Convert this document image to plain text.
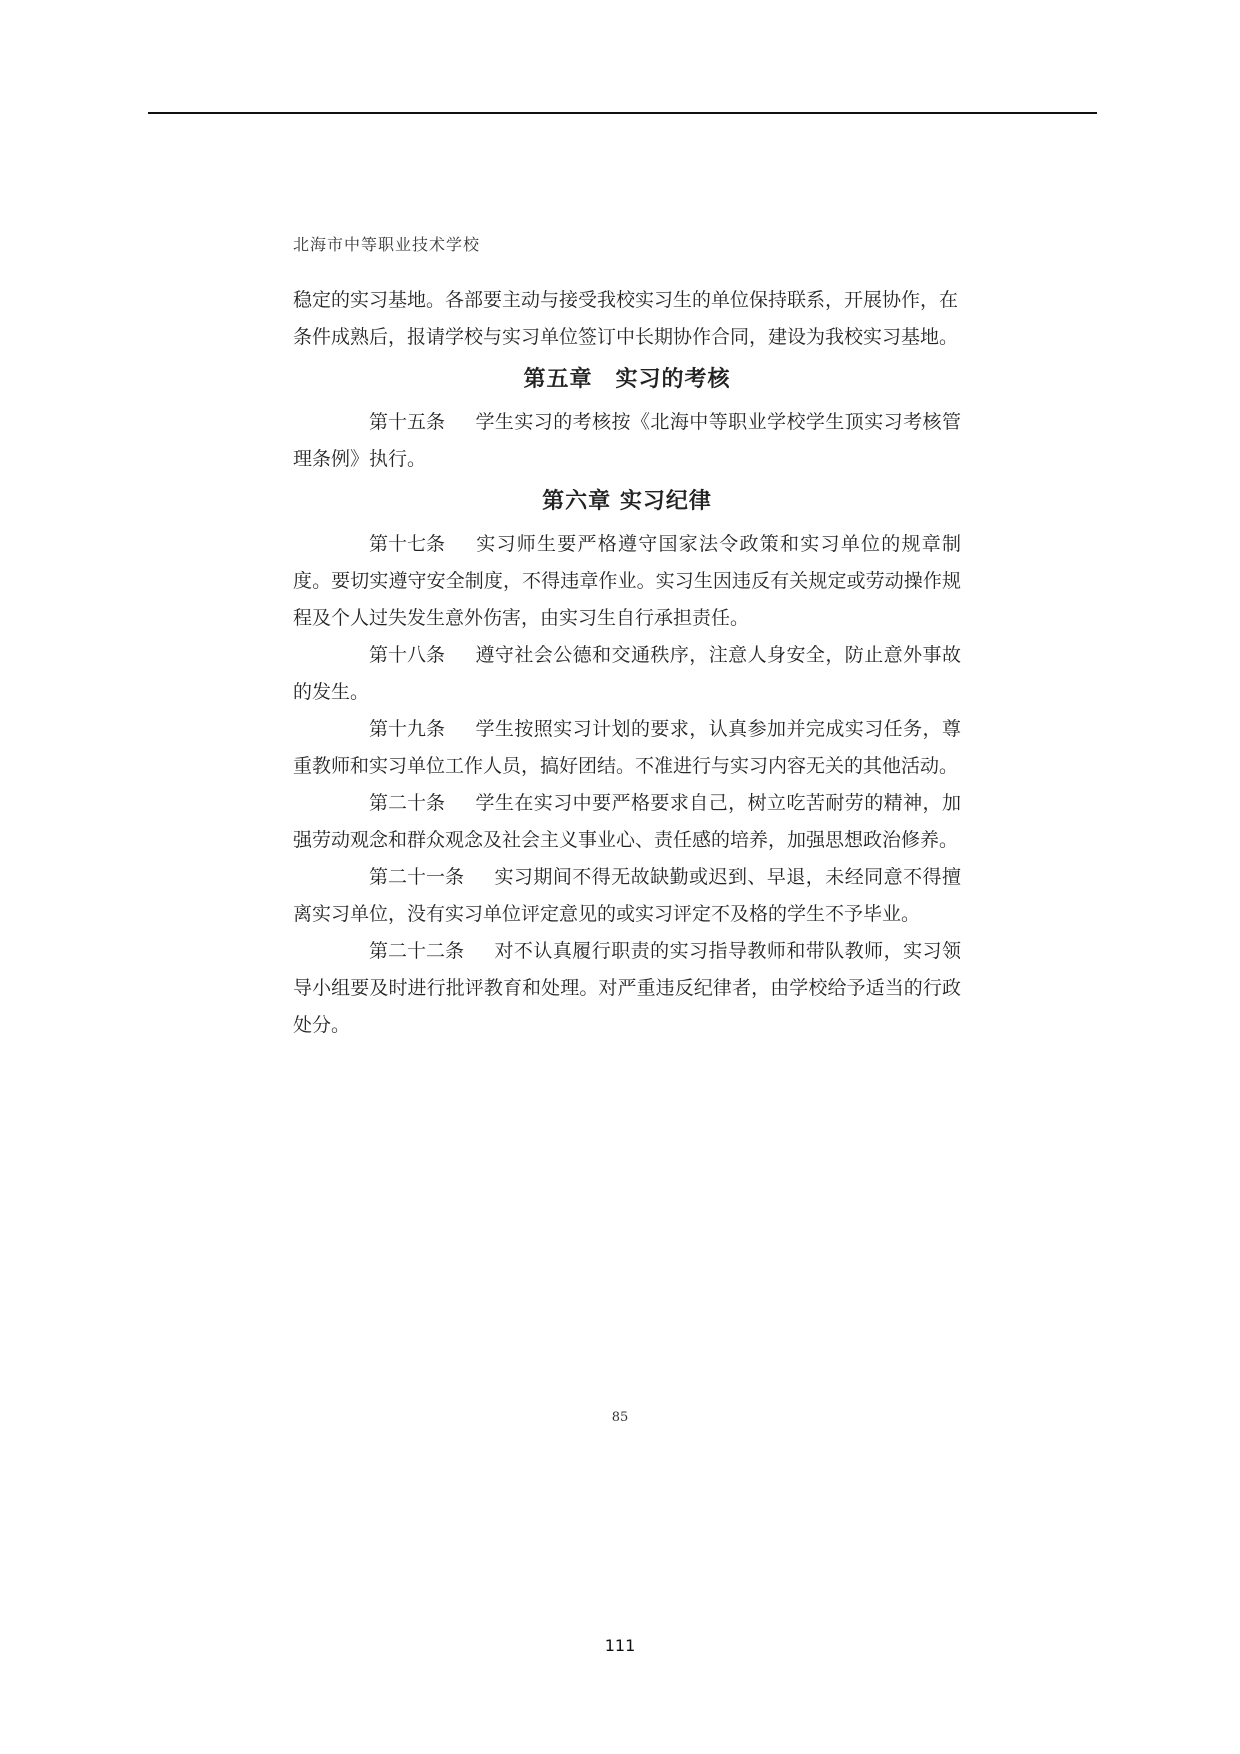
北海市中等职业技术学校

稳定的实习基地。各部要主动与接受我校实习生的单位保持联系，开展协作，在

条件成熟后，报请学校与实习单位签订中长期协作合同，建设为我校实习基地。

第五章　实习的考核

第十五条 学生实习的考核按《北海中等职业学校学生顶实习考核管理条例》执行。

第六章 实习纪律

第十七条 实习师生要严格遵守国家法令政策和实习单位的规章制度。要切实遵守安全制度，不得违章作业。实习生因违反有关规定或劳动操作规程及个人过失发生意外伤害，由实习生自行承担责任。

第十八条 遵守社会公德和交通秩序，注意人身安全，防止意外事故的发生。

第十九条 学生按照实习计划的要求，认真参加并完成实习任务，尊重教师和实习单位工作人员，搞好团结。不准进行与实习内容无关的其他活动。

第二十条 学生在实习中要严格要求自己，树立吃苦耐劳的精神，加强劳动观念和群众观念及社会主义事业心、责任感的培养，加强思想政治修养。

第二十一条 实习期间不得无故缺勤或迟到、早退，未经同意不得擅离实习单位，没有实习单位评定意见的或实习评定不及格的学生不予毕业。

第二十二条 对不认真履行职责的实习指导教师和带队教师，实习领导小组要及时进行批评教育和处理。对严重违反纪律者，由学校给予适当的行政处分。

85
111
